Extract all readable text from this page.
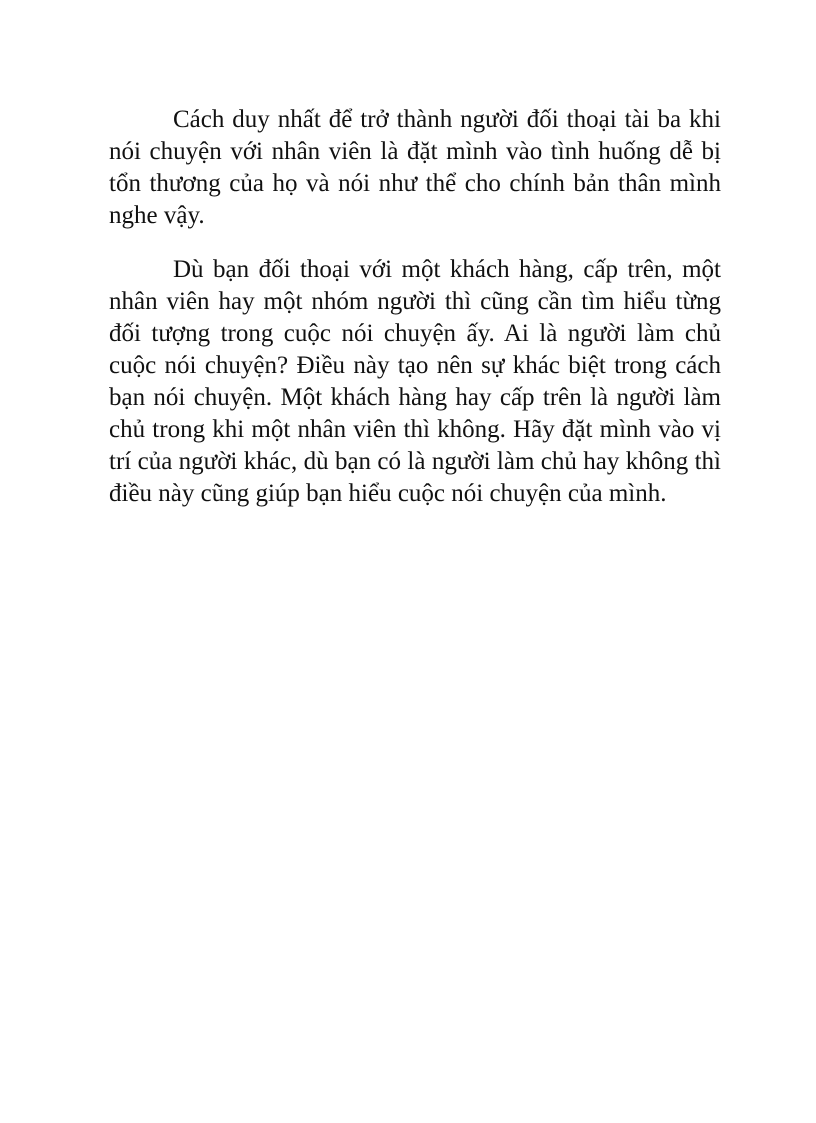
Cách duy nhất để trở thành người đối thoại tài ba khi nói chuyện với nhân viên là đặt mình vào tình huống dễ bị tổn thương của họ và nói như thể cho chính bản thân mình nghe vậy.

Dù bạn đối thoại với một khách hàng, cấp trên, một nhân viên hay một nhóm người thì cũng cần tìm hiểu từng đối tượng trong cuộc nói chuyện ấy. Ai là người làm chủ cuộc nói chuyện? Điều này tạo nên sự khác biệt trong cách bạn nói chuyện. Một khách hàng hay cấp trên là người làm chủ trong khi một nhân viên thì không. Hãy đặt mình vào vị trí của người khác, dù bạn có là người làm chủ hay không thì điều này cũng giúp bạn hiểu cuộc nói chuyện của mình.
